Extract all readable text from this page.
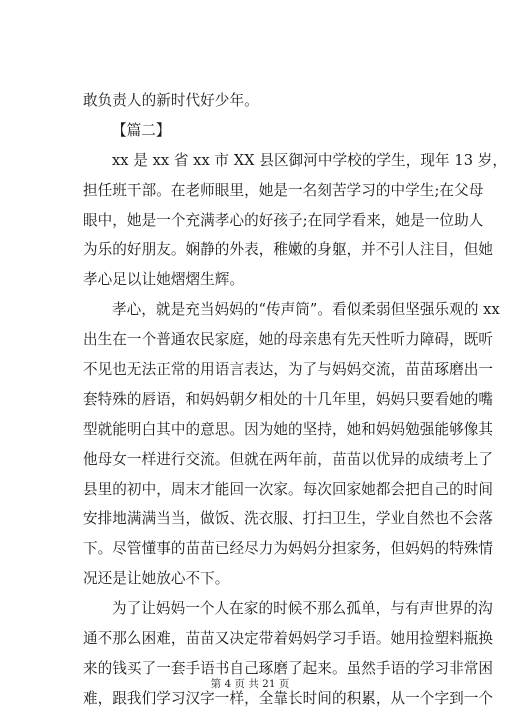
敢负责人的新时代好少年。
【篇二】
xx 是 xx 省 xx 市 XX 县区御河中学校的学生，现年 13 岁，
担任班干部。在老师眼里，她是一名刻苦学习的中学生;在父母
眼中，她是一个充满孝心的好孩子;在同学看来，她是一位助人
为乐的好朋友。娴静的外表，稚嫩的身躯，并不引人注目，但她
孝心足以让她熠熠生辉。
孝心，就是充当妈妈的“传声筒”。看似柔弱但坚强乐观的 xx
出生在一个普通农民家庭，她的母亲患有先天性听力障碍，既听
不见也无法正常的用语言表达，为了与妈妈交流，苗苗琢磨出一
套特殊的唇语，和妈妈朝夕相处的十几年里，妈妈只要看她的嘴
型就能明白其中的意思。因为她的坚持，她和妈妈勉强能够像其
他母女一样进行交流。但就在两年前，苗苗以优异的成绩考上了
县里的初中，周末才能回一次家。每次回家她都会把自己的时间
安排地满满当当，做饭、洗衣服、打扫卫生，学业自然也不会落
下。尽管懂事的苗苗已经尽力为妈妈分担家务，但妈妈的特殊情
况还是让她放心不下。
为了让妈妈一个人在家的时候不那么孤单，与有声世界的沟
通不那么困难，苗苗又决定带着妈妈学习手语。她用捡塑料瓶换
来的钱买了一套手语书自己琢磨了起来。虽然手语的学习非常困
难，跟我们学习汉字一样，全靠长时间的积累，从一个字到一个
第 4 页 共 21 页
